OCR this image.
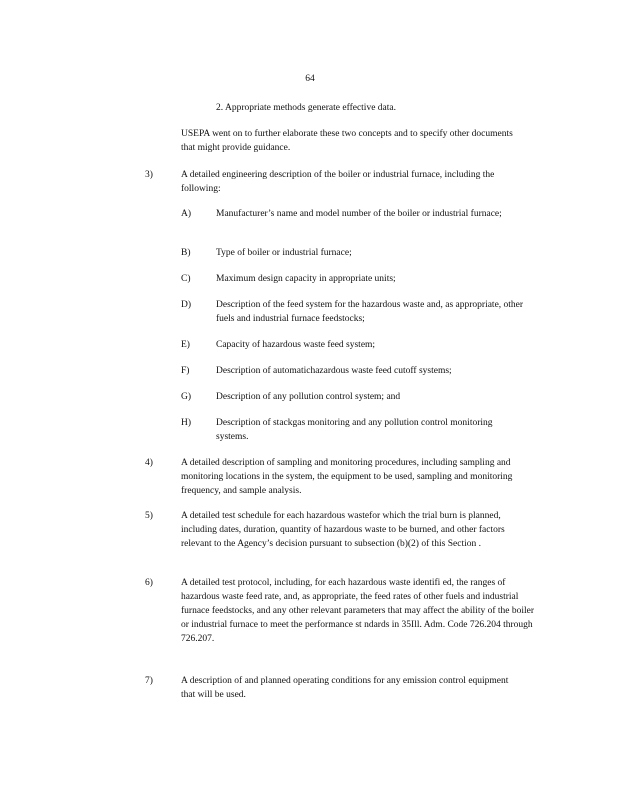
64
2. Appropriate methods generate effective data.
USEPA went on to further elaborate these two concepts and to specify other documents that might provide guidance.
3)	A detailed engineering description of the boiler or industrial furnace, including the following:
A)	Manufacturer’s name and model number of the boiler or industrial furnace;
B)	Type of boiler or industrial furnace;
C)	Maximum design capacity in appropriate units;
D)	Description of the feed system for the hazardous waste and, as appropriate, other fuels and industrial furnace feedstocks;
E)	Capacity of hazardous waste feed system;
F)	Description of automatichazardous waste feed cutoff systems;
G)	Description of any pollution control system; and
H)	Description of stackgas monitoring and any pollution control monitoring systems.
4)	A detailed description of sampling and monitoring procedures, including sampling and monitoring locations in the system, the equipment to be used, sampling and monitoring frequency, and sample analysis.
5)	A detailed test schedule for each hazardous wastefor which the trial burn is planned, including dates, duration, quantity of hazardous waste to be burned, and other factors relevant to the Agency’s decision pursuant to subsection (b)(2) of this Section .
6)	A detailed test protocol, including, for each hazardous waste identifi ed, the ranges of hazardous waste feed rate, and, as appropriate, the feed rates of other fuels and industrial furnace feedstocks, and any other relevant parameters that may affect the ability of the boiler or industrial furnace to meet the performance st ndards in 35Ill. Adm. Code 726.204 through 726.207.
7)	A description of and planned operating conditions for any emission control equipment that will be used.
